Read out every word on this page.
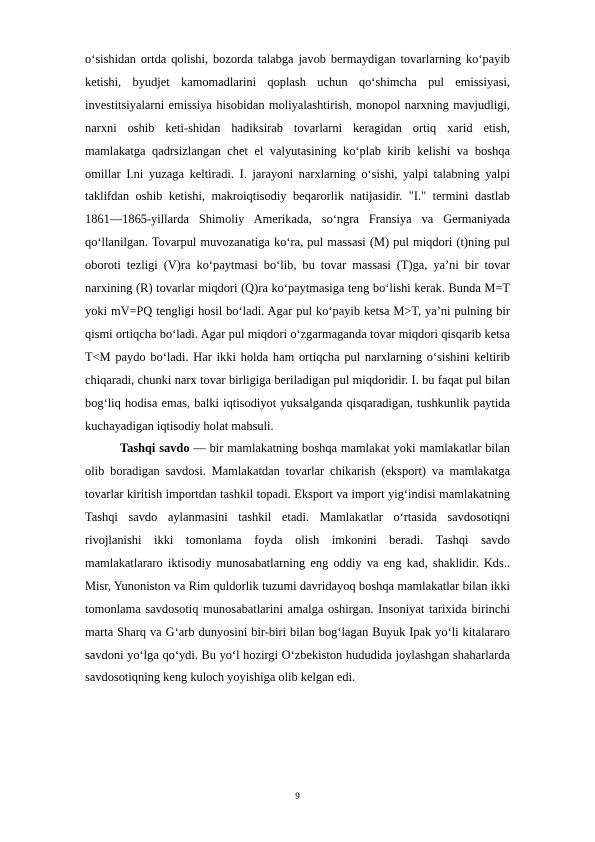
o‘sishidan ortda qolishi, bozorda talabga javob bermaydigan tovarlarning ko‘payib ketishi, byudjet kamomadlarini qoplash uchun qo‘shimcha pul emissiyasi, investitsiyalarni emissiya hisobidan moliyalashtirish, monopol narxning mavjudligi, narxni oshib keti-shidan hadiksirab tovarlarni keragidan ortiq xarid etish, mamlakatga qadrsizlangan chet el valyutasining ko‘plab kirib kelishi va boshqa omillar I.ni yuzaga keltiradi. I. jarayoni narxlarning o‘sishi, yalpi talabning yalpi taklifdan oshib ketishi, makroiqtisodiy beqarorlik natijasidir. "I." termini dastlab 1861—1865-yillarda Shimoliy Amerikada, so‘ngra Fransiya va Germaniyada qo‘llanilgan. Tovarpul muvozanatiga ko‘ra, pul massasi (M) pul miqdori (t)ning pul oboroti tezligi (V)ra ko‘paytmasi bo‘lib, bu tovar massasi (T)ga, ya’ni bir tovar narxining (R) tovarlar miqdori (Q)ra ko‘paytmasiga teng bo‘lishi kerak. Bunda M=T yoki mV=PQ tengligi hosil bo‘ladi. Agar pul ko‘payib ketsa M>T, ya’ni pulning bir qismi ortiqcha bo‘ladi. Agar pul miqdori o‘zgarmaganda tovar miqdori qisqarib ketsa T<M paydo bo‘ladi. Har ikki holda ham ortiqcha pul narxlarning o‘sishini keltirib chiqaradi, chunki narx tovar birligiga beriladigan pul miqdoridir. I. bu faqat pul bilan bog‘liq hodisa emas, balki iqtisodiyot yuksalganda qisqaradigan, tushkunlik paytida kuchayadigan iqtisodiy holat mahsuli.

Tashqi savdo — bir mamlakatning boshqa mamlakat yoki mamlakatlar bilan olib boradigan savdosi. Mamlakatdan tovarlar chikarish (eksport) va mamlakatga tovarlar kiritish importdan tashkil topadi. Eksport va import yig‘indisi mamlakatning Tashqi savdo aylanmasini tashkil etadi. Mamlakatlar o‘rtasida savdosotiqni rivojlanishi ikki tomonlama foyda olish imkonini beradi. Tashqi savdo mamlakatlararo iktisodiy munosabatlarning eng oddiy va eng kad, shaklidir. Kds.. Misr, Yunoniston va Rim quldorlik tuzumi davridayoq boshqa mamlakatlar bilan ikki tomonlama savdosotiq munosabatlarini amalga oshirgan. Insoniyat tarixida birinchi marta Sharq va G‘arb dunyosini bir-biri bilan bog‘lagan Buyuk Ipak yo‘li kitalararo savdoni yo‘lga qo‘ydi. Bu yo‘l hozirgi O‘zbekiston hududida joylashgan shaharlarda savdosotiqning keng kuloch yoyishiga olib kelgan edi.

9
